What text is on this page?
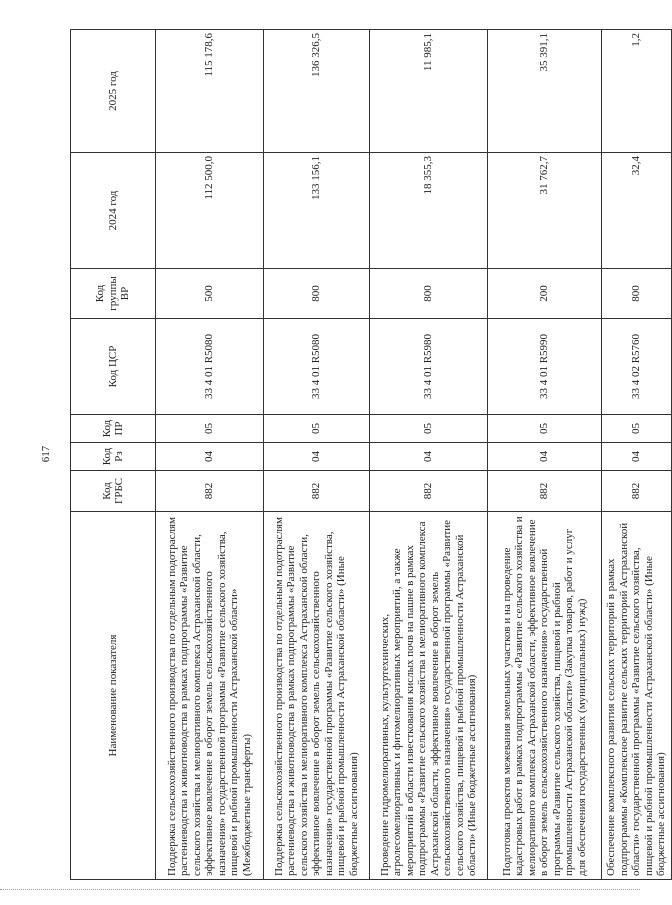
617
Наименование показателя	Код ГРБС	Код Рз	Код ПР	Код ЦСР	Код группы ВР	2024 год	2025 год
Поддержка сельскохозяйственного производства по отдельным подотраслям растениеводства и животноводства в рамках подпрограммы «Развитие сельского хозяйства и мелиоративного комплекса Астраханской области, эффективное вовлечение в оборот земель сельскохозяйственного назначения» государственной программы «Развитие сельского хозяйства, пищевой и рыбной промышленности Астраханской области» (Межбюджетные трансферты)	882	04	05	33 4 01 R5080	500	112 500,0	115 178,6
Поддержка сельскохозяйственного производства по отдельным подотраслям растениеводства и животноводства в рамках подпрограммы «Развитие сельского хозяйства и мелиоративного комплекса Астраханской области, эффективное вовлечение в оборот земель сельскохозяйственного назначения» государственной программы «Развитие сельского хозяйства, пищевой и рыбной промышленности Астраханской области» (Иные бюджетные ассигнования)	882	04	05	33 4 01 R5080	800	133 156,1	136 326,5
Проведение гидромелиоративных, культуртехнических, агролесомелиоративных и фитомелиоративных мероприятий, а также мероприятий в области известкования кислых почв на пашне в рамках подпрограммы «Развитие сельского хозяйства и мелиоративного комплекса Астраханской области, эффективное вовлечение в оборот земель сельскохозяйственного назначения» государственной программы «Развитие сельского хозяйства, пищевой и рыбной промышленности Астраханской области» (Иные бюджетные ассигнования)	882	04	05	33 4 01 R5980	800	18 355,3	11 985,1
Подготовка проектов межевания земельных участков и на проведение кадастровых работ в рамках подпрограммы «Развитие сельского хозяйства и мелиоративного комплекса Астраханской области, эффективное вовлечение в оборот земель сельскохозяйственного назначения» государственной программы «Развитие сельского хозяйства, пищевой и рыбной промышленности Астраханской области» (Закупка товаров, работ и услуг для обеспечения государственных (муниципальных) нужд)	882	04	05	33 4 01 R5990	200	31 762,7	35 391,1
Обеспечение комплексного развития сельских территорий в рамках подпрограммы «Комплексное развитие сельских территорий Астраханской области» государственной программы «Развитие сельского хозяйства, пищевой и рыбной промышленности Астраханской области» (Иные бюджетные ассигнования)	882	04	05	33 4 02 R5760	800	32,4	1,2
